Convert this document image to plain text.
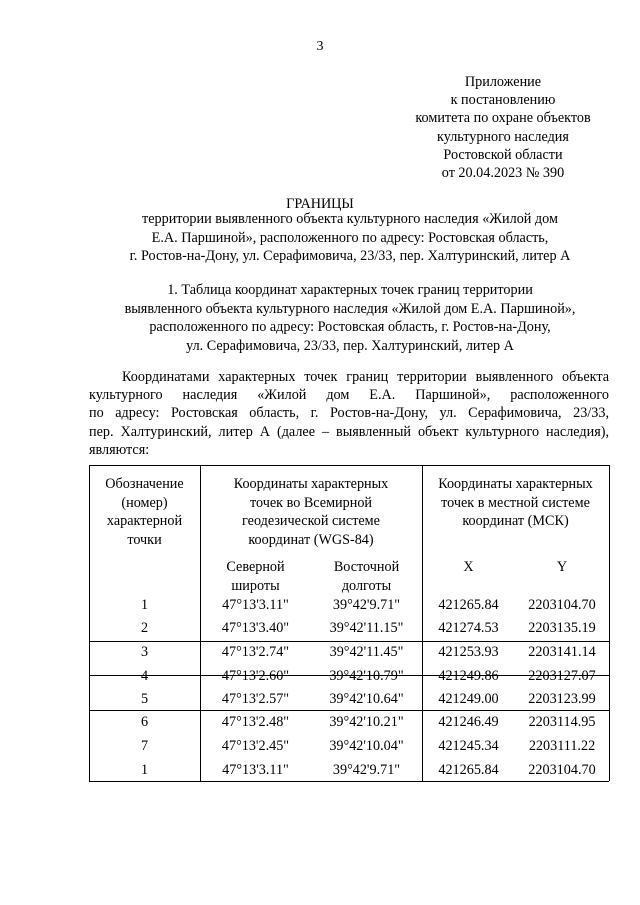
3
Приложение
к постановлению
комитета по охране объектов
культурного наследия
Ростовской области
от 20.04.2023 № 390
ГРАНИЦЫ
территории выявленного объекта культурного наследия «Жилой дом
Е.А. Паршиной», расположенного по адресу: Ростовская область,
г. Ростов-на-Дону, ул. Серафимовича, 23/33, пер. Халтуринский, литер А
1. Таблица координат характерных точек границ территории
выявленного объекта культурного наследия «Жилой дом Е.А. Паршиной»,
расположенного по адресу: Ростовская область, г. Ростов-на-Дону,
ул. Серафимовича, 23/33, пер. Халтуринский, литер А
Координатами характерных точек границ территории выявленного объекта
культурного наследия «Жилой дом Е.А. Паршиной», расположенного
по адресу: Ростовская область, г. Ростов-на-Дону, ул. Серафимовича, 23/33,
пер. Халтуринский, литер А (далее – выявленный объект культурного наследия),
являются:
Обозначение
(номер)
характерной
точки
Координаты характерных
точек во Всемирной
геодезической системе
координат (WGS-84)
Координаты характерных
точек в местной системе
координат (МСК)
Северной
широты
Восточной
долготы
X	Y
1	47°13'3.11"	39°42'9.71"	421265.84	2203104.70
2	47°13'3.40"	39°42'11.15"	421274.53	2203135.19
3	47°13'2.74"	39°42'11.45"	421253.93	2203141.14
4	47°13'2.60"	39°42'10.79"	421249.86	2203127.07
5	47°13'2.57"	39°42'10.64"	421249.00	2203123.99
6	47°13'2.48"	39°42'10.21"	421246.49	2203114.95
7	47°13'2.45"	39°42'10.04"	421245.34	2203111.22
1	47°13'3.11"	39°42'9.71"	421265.84	2203104.70
